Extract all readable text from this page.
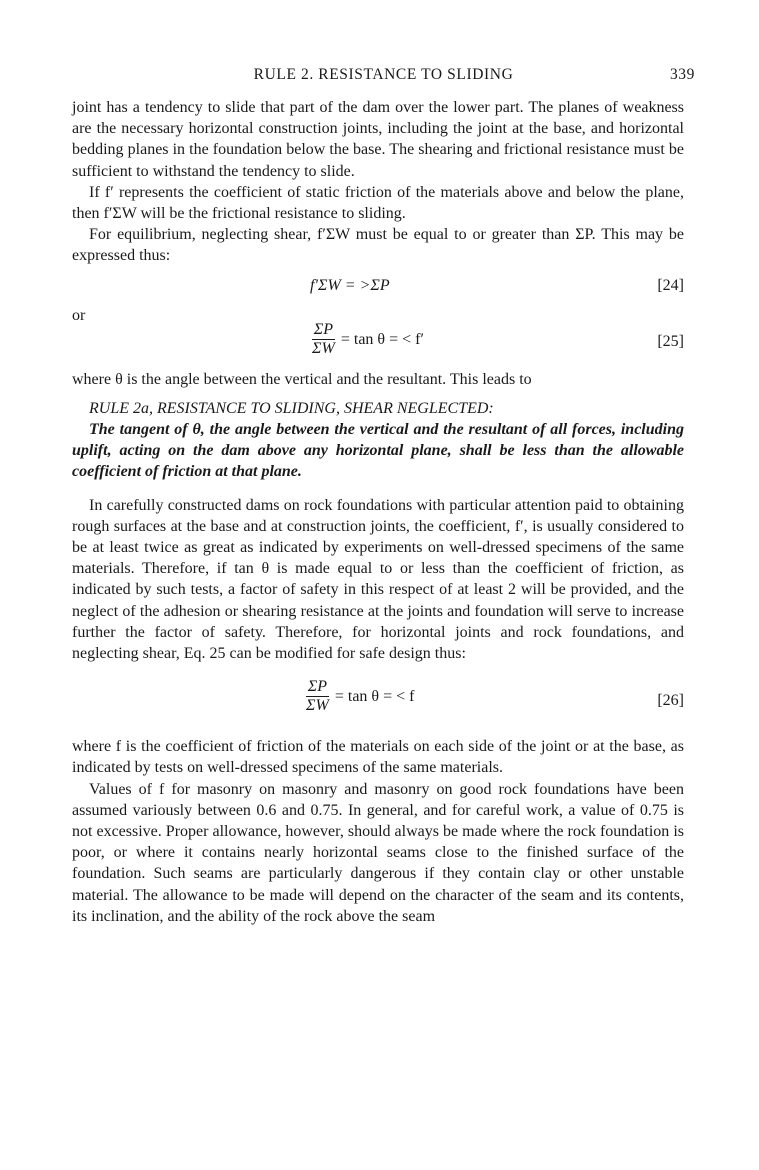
RULE 2. RESISTANCE TO SLIDING	339

joint has a tendency to slide that part of the dam over the lower part. The planes of weakness are the necessary horizontal construction joints, including the joint at the base, and horizontal bedding planes in the foundation below the base. The shearing and frictional resistance must be sufficient to withstand the tendency to slide.

If f′ represents the coefficient of static friction of the materials above and below the plane, then f′ΣW will be the frictional resistance to sliding.

For equilibrium, neglecting shear, f′ΣW must be equal to or greater than ΣP. This may be expressed thus:

f′ΣW = >ΣP	[24]
or
$\frac{\Sigma P}{\Sigma W} = \tan \theta$ = < f′	[25]

where θ is the angle between the vertical and the resultant. This leads to

RULE 2a, RESISTANCE TO SLIDING, SHEAR NEGLECTED:

The tangent of θ, the angle between the vertical and the resultant of all forces, including uplift, acting on the dam above any horizontal plane, shall be less than the allowable coefficient of friction at that plane.

In carefully constructed dams on rock foundations with particular attention paid to obtaining rough surfaces at the base and at construction joints, the coefficient, f′, is usually considered to be at least twice as great as indicated by experiments on well-dressed specimens of the same materials. Therefore, if tan θ is made equal to or less than the coefficient of friction, as indicated by such tests, a factor of safety in this respect of at least 2 will be provided, and the neglect of the adhesion or shearing resistance at the joints and foundation will serve to increase further the factor of safety. Therefore, for horizontal joints and rock foundations, and neglecting shear, Eq. 25 can be modified for safe design thus:

$\frac{\Sigma P}{\Sigma W} = \tan \theta$ = < f	[26]

where f is the coefficient of friction of the materials on each side of the joint or at the base, as indicated by tests on well-dressed specimens of the same materials.

Values of f for masonry on masonry and masonry on good rock foundations have been assumed variously between 0.6 and 0.75. In general, and for careful work, a value of 0.75 is not excessive. Proper allowance, however, should always be made where the rock foundation is poor, or where it contains nearly horizontal seams close to the finished surface of the foundation. Such seams are particularly dangerous if they contain clay or other unstable material. The allowance to be made will depend on the character of the seam and its contents, its inclination, and the ability of the rock above the seam
